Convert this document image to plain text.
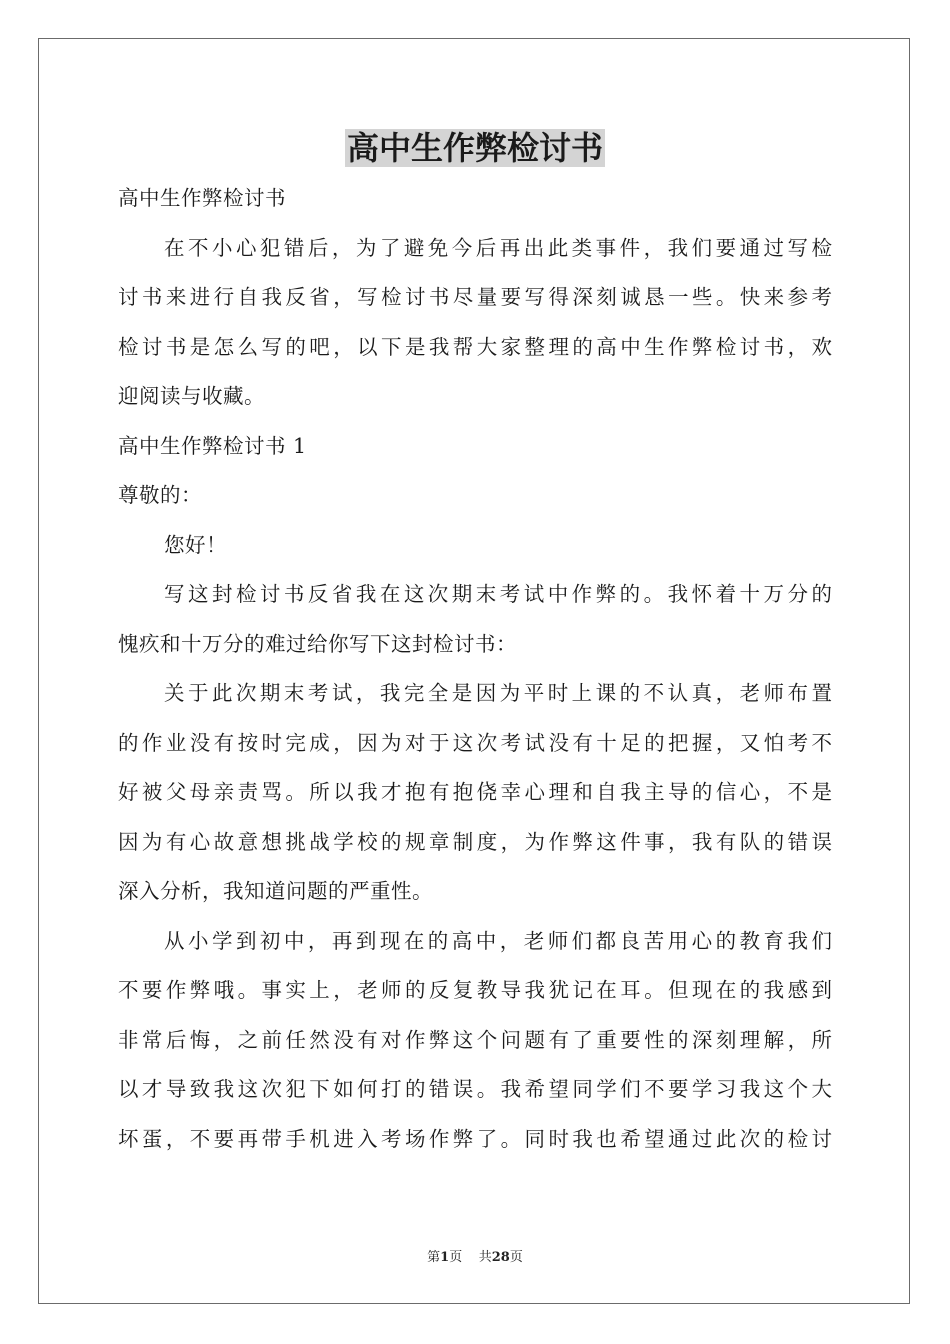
高中生作弊检讨书
高中生作弊检讨书
在不小心犯错后，为了避免今后再出此类事件，我们要通过写检
讨书来进行自我反省，写检讨书尽量要写得深刻诚恳一些。快来参考
检讨书是怎么写的吧，以下是我帮大家整理的高中生作弊检讨书，欢
迎阅读与收藏。
高中生作弊检讨书 1
尊敬的：
您好！
写这封检讨书反省我在这次期末考试中作弊的。我怀着十万分的
愧疚和十万分的难过给你写下这封检讨书：
关于此次期末考试，我完全是因为平时上课的不认真，老师布置
的作业没有按时完成，因为对于这次考试没有十足的把握，又怕考不
好被父母亲责骂。所以我才抱有抱侥幸心理和自我主导的信心，不是
因为有心故意想挑战学校的规章制度，为作弊这件事，我有队的错误
深入分析，我知道问题的严重性。
从小学到初中，再到现在的高中，老师们都良苦用心的教育我们
不要作弊哦。事实上，老师的反复教导我犹记在耳。但现在的我感到
非常后悔，之前任然没有对作弊这个问题有了重要性的深刻理解，所
以才导致我这次犯下如何打的错误。我希望同学们不要学习我这个大
坏蛋，不要再带手机进入考场作弊了。同时我也希望通过此次的检讨
第1页 共28页
